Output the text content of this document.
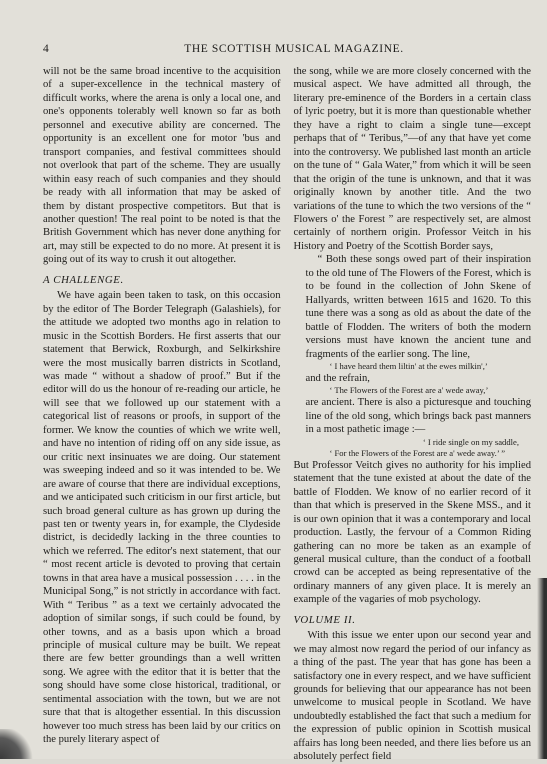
4	THE SCOTTISH MUSICAL MAGAZINE.

will not be the same broad incentive to the acquisition of a super-excellence in the technical mastery of difficult works, where the arena is only a local one, and one's opponents tolerably well known so far as both personnel and executive ability are concerned. The opportunity is an excellent one for motor 'bus and transport companies, and festival committees should not overlook that part of the scheme. They are usually within easy reach of such companies and they should be ready with all information that may be asked of them by distant prospective competitors. But that is another question! The real point to be noted is that the British Government which has never done anything for art, may still be expected to do no more. At present it is going out of its way to crush it out altogether.

A CHALLENGE.

We have again been taken to task, on this occasion by the editor of The Border Telegraph (Galashiels), for the attitude we adopted two months ago in relation to music in the Scottish Borders. He first asserts that our statement that Berwick, Roxburgh, and Selkirkshire were the most musically barren districts in Scotland, was made “ without a shadow of proof.” But if the editor will do us the honour of re-reading our article, he will see that we followed up our statement with a categorical list of reasons or proofs, in support of the former. We know the counties of which we write well, and have no intention of riding off on any side issue, as our critic next insinuates we are doing. Our statement was sweeping indeed and so it was intended to be. We are aware of course that there are individual exceptions, and we anticipated such criticism in our first article, but such broad general culture as has grown up during the past ten or twenty years in, for example, the Clydeside district, is decidedly lacking in the three counties to which we referred. The editor's next statement, that our “ most recent article is devoted to proving that certain towns in that area have a musical possession . . . . in the Municipal Song,” is not strictly in accordance with fact. With “ Teribus ” as a text we certainly advocated the adoption of similar songs, if such could be found, by other towns, and as a basis upon which a broad principle of musical culture may be built. We repeat there are few better groundings than a well written song. We agree with the editor that it is better that the song should have some close historical, traditional, or sentimental association with the town, but we are not sure that that is altogether essential. In this discussion however too much stress has been laid by our critics on the purely literary aspect of

the song, while we are more closely concerned with the musical aspect. We have admitted all through, the literary pre-eminence of the Borders in a certain class of lyric poetry, but it is more than questionable whether they have a right to claim a single tune—except perhaps that of “ Teribus,”—of any that have yet come into the controversy. We published last month an article on the tune of “ Gala Water,” from which it will be seen that the origin of the tune is unknown, and that it was originally known by another title. And the two variations of the tune to which the two versions of the “ Flowers o' the Forest ” are respectively set, are almost certainly of northern origin. Professor Veitch in his History and Poetry of the Scottish Border says,

“ Both these songs owed part of their inspiration to the old tune of The Flowers of the Forest, which is to be found in the collection of John Skene of Hallyards, written between 1615 and 1620. To this tune there was a song as old as about the date of the battle of Flodden. The writers of both the modern versions must have known the ancient tune and fragments of the earlier song. The line,

‘ I have heard them liltin' at the ewes milkin',’

and the refrain,

‘ The Flowers of the Forest are a' wede away,’

are ancient. There is also a picturesque and touching line of the old song, which brings back past manners in a most pathetic image :—

‘ I ride single on my saddle,
‘ For the Flowers of the Forest are a' wede away.’ ”

But Professor Veitch gives no authority for his implied statement that the tune existed at about the date of the battle of Flodden. We know of no earlier record of it than that which is preserved in the Skene MSS., and it is our own opinion that it was a contemporary and local production. Lastly, the fervour of a Common Riding gathering can no more be taken as an example of general musical culture, than the conduct of a football crowd can be accepted as being representative of the ordinary manners of any given place. It is merely an example of the vagaries of mob psychology.

VOLUME II.

With this issue we enter upon our second year and we may almost now regard the period of our infancy as a thing of the past. The year that has gone has been a satisfactory one in every respect, and we have sufficient grounds for believing that our appearance has not been unwelcome to musical people in Scotland. We have undoubtedly established the fact that such a medium for the expression of public opinion in Scottish musical affairs has long been needed, and there lies before us an absolutely perfect field
